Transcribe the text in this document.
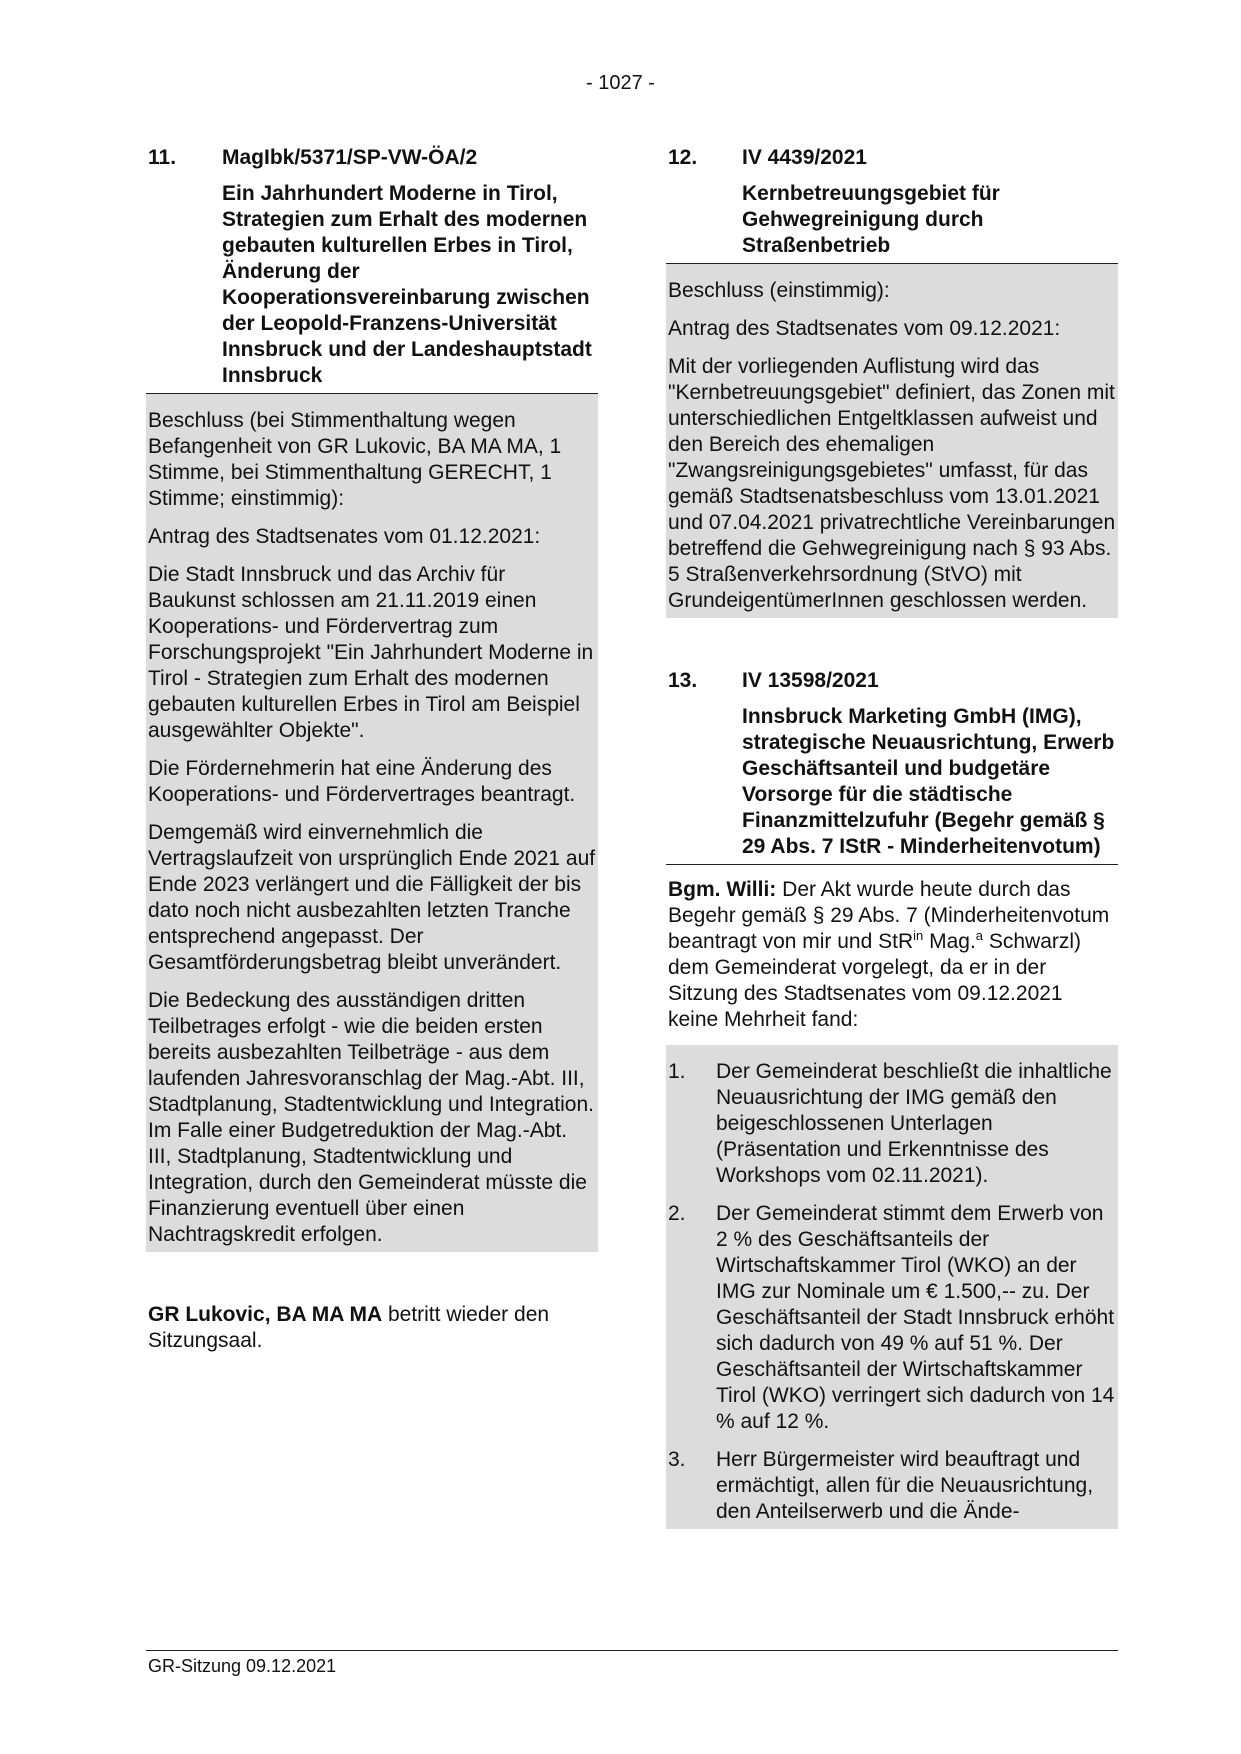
- 1027 -
11.	MagIbk/5371/SP-VW-ÖA/2
Ein Jahrhundert Moderne in Tirol, Strategien zum Erhalt des modernen gebauten kulturellen Erbes in Tirol, Änderung der Kooperationsvereinbarung zwischen der Leopold-Franzens-Universität Innsbruck und der Landeshauptstadt Innsbruck

Beschluss (bei Stimmenthaltung wegen Befangenheit von GR Lukovic, BA MA MA, 1 Stimme, bei Stimmenthaltung GERECHT, 1 Stimme; einstimmig):

Antrag des Stadtsenates vom 01.12.2021:

Die Stadt Innsbruck und das Archiv für Baukunst schlossen am 21.11.2019 einen Kooperations- und Fördervertrag zum Forschungsprojekt "Ein Jahrhundert Moderne in Tirol - Strategien zum Erhalt des modernen gebauten kulturellen Erbes in Tirol am Beispiel ausgewählter Objekte".

Die Fördernehmerin hat eine Änderung des Kooperations- und Fördervertrages beantragt.

Demgemäß wird einvernehmlich die Vertragslaufzeit von ursprünglich Ende 2021 auf Ende 2023 verlängert und die Fälligkeit der bis dato noch nicht ausbezahlten letzten Tranche entsprechend angepasst. Der Gesamtförderungsbetrag bleibt unverändert.

Die Bedeckung des ausständigen dritten Teilbetrages erfolgt - wie die beiden ersten bereits ausbezahlten Teilbeträge - aus dem laufenden Jahresvoranschlag der Mag.-Abt. III, Stadtplanung, Stadtentwicklung und Integration. Im Falle einer Budgetreduktion der Mag.-Abt. III, Stadtplanung, Stadtentwicklung und Integration, durch den Gemeinderat müsste die Finanzierung eventuell über einen Nachtragskredit erfolgen.

GR Lukovic, BA MA MA betritt wieder den Sitzungsaal.

12.	IV 4439/2021
Kernbetreuungsgebiet für Gehwegreinigung durch Straßenbetrieb

Beschluss (einstimmig):

Antrag des Stadtsenates vom 09.12.2021:

Mit der vorliegenden Auflistung wird das "Kernbetreuungsgebiet" definiert, das Zonen mit unterschiedlichen Entgeltklassen aufweist und den Bereich des ehemaligen "Zwangsreinigungsgebietes" umfasst, für das gemäß Stadtsenatsbeschluss vom 13.01.2021 und 07.04.2021 privatrechtliche Vereinbarungen betreffend die Gehwegreinigung nach § 93 Abs. 5 Straßenverkehrsordnung (StVO) mit GrundeigentümerInnen geschlossen werden.

13.	IV 13598/2021
Innsbruck Marketing GmbH (IMG), strategische Neuausrichtung, Erwerb Geschäftsanteil und budgetäre Vorsorge für die städtische Finanzmittelzufuhr (Begehr gemäß § 29 Abs. 7 IStR - Minderheitenvotum)

Bgm. Willi: Der Akt wurde heute durch das Begehr gemäß § 29 Abs. 7 (Minderheitenvotum beantragt von mir und StR$^{in}$ Mag.$^a$ Schwarzl) dem Gemeinderat vorgelegt, da er in der Sitzung des Stadtsenates vom 09.12.2021 keine Mehrheit fand:

1.	Der Gemeinderat beschließt die inhaltliche Neuausrichtung der IMG gemäß den beigeschlossenen Unterlagen (Präsentation und Erkenntnisse des Workshops vom 02.11.2021).
2.	Der Gemeinderat stimmt dem Erwerb von 2 % des Geschäftsanteils der Wirtschaftskammer Tirol (WKO) an der IMG zur Nominale um € 1.500,-- zu. Der Geschäftsanteil der Stadt Innsbruck erhöht sich dadurch von 49 % auf 51 %. Der Geschäftsanteil der Wirtschaftskammer Tirol (WKO) verringert sich dadurch von 14 % auf 12 %.
3.	Herr Bürgermeister wird beauftragt und ermächtigt, allen für die Neuausrichtung, den Anteilserwerb und die Ände-
GR-Sitzung 09.12.2021
